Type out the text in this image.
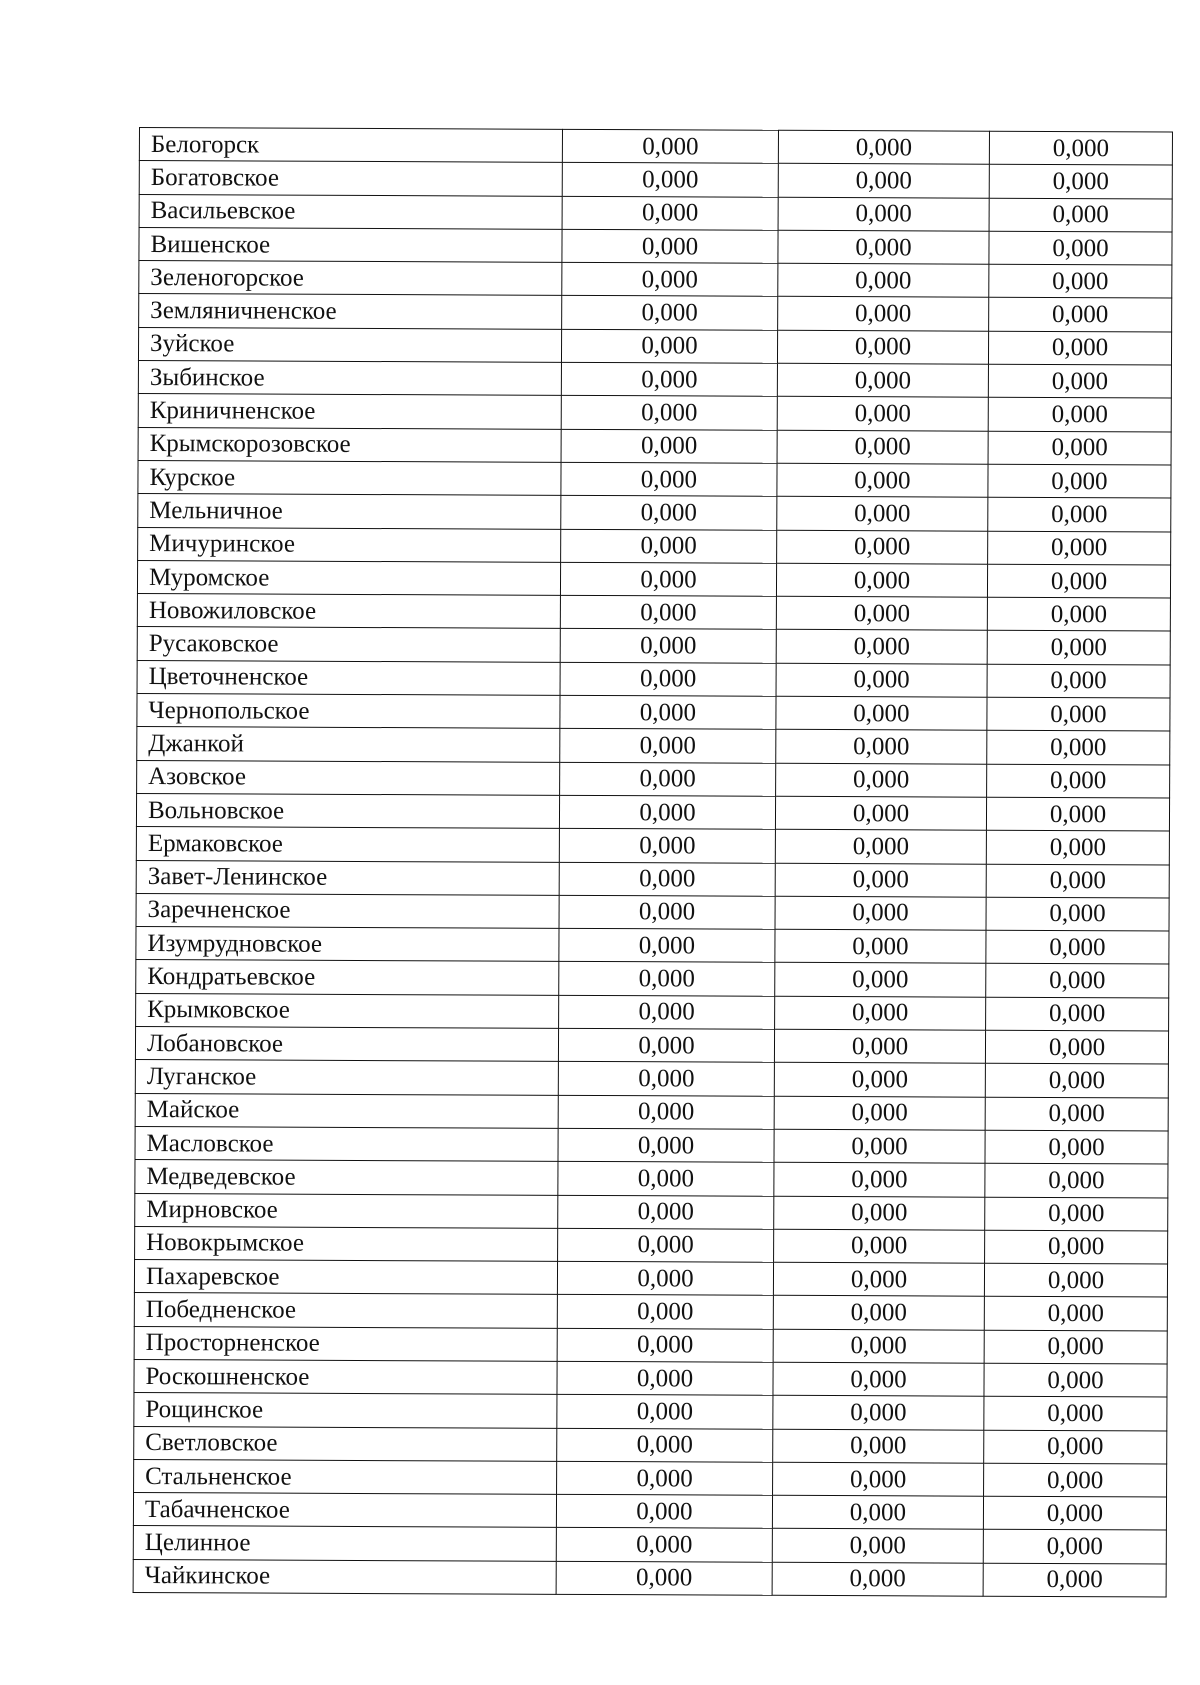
Белогорск	0,000	0,000	0,000
Богатовское	0,000	0,000	0,000
Васильевское	0,000	0,000	0,000
Вишенское	0,000	0,000	0,000
Зеленогорское	0,000	0,000	0,000
Земляничненское	0,000	0,000	0,000
Зуйское	0,000	0,000	0,000
Зыбинское	0,000	0,000	0,000
Криничненское	0,000	0,000	0,000
Крымскорозовское	0,000	0,000	0,000
Курское	0,000	0,000	0,000
Мельничное	0,000	0,000	0,000
Мичуринское	0,000	0,000	0,000
Муромское	0,000	0,000	0,000
Новожиловское	0,000	0,000	0,000
Русаковское	0,000	0,000	0,000
Цветочненское	0,000	0,000	0,000
Чернопольское	0,000	0,000	0,000
Джанкой	0,000	0,000	0,000
Азовское	0,000	0,000	0,000
Вольновское	0,000	0,000	0,000
Ермаковское	0,000	0,000	0,000
Завет-Ленинское	0,000	0,000	0,000
Заречненское	0,000	0,000	0,000
Изумрудновское	0,000	0,000	0,000
Кондратьевское	0,000	0,000	0,000
Крымковское	0,000	0,000	0,000
Лобановское	0,000	0,000	0,000
Луганское	0,000	0,000	0,000
Майское	0,000	0,000	0,000
Масловское	0,000	0,000	0,000
Медведевское	0,000	0,000	0,000
Мирновское	0,000	0,000	0,000
Новокрымское	0,000	0,000	0,000
Пахаревское	0,000	0,000	0,000
Победненское	0,000	0,000	0,000
Просторненское	0,000	0,000	0,000
Роскошненское	0,000	0,000	0,000
Рощинское	0,000	0,000	0,000
Светловское	0,000	0,000	0,000
Стальненское	0,000	0,000	0,000
Табачненское	0,000	0,000	0,000
Целинное	0,000	0,000	0,000
Чайкинское	0,000	0,000	0,000
